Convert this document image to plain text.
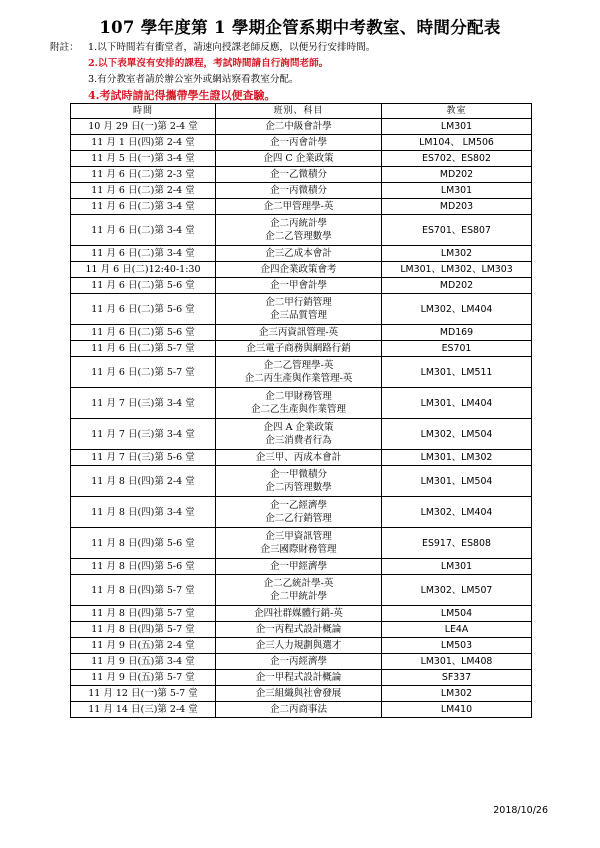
107 學年度第 1 學期企管系期中考教室、時間分配表
附註： 1.以下時間若有衝堂者，請速向授課老師反應，以便另行安排時間。
2.以下表單沒有安排的課程，考試時間請自行詢問老師。
3.有分教室者請於辦公室外或網站察看教室分配。
4.考試時請記得攜帶學生證以便查驗。
時間	班別、科目	教室
10 月 29 日(一)第 2-4 堂	企二中級會計學	LM301
11 月 1 日(四)第 2-4 堂	企一丙會計學	LM104、 LM506
11 月 5 日(一)第 3-4 堂	企四 C 企業政策	ES702、ES802
11 月 6 日(二)第 2-3 堂	企一乙微積分	MD202
11 月 6 日(二)第 2-4 堂	企一丙微積分	LM301
11 月 6 日(二)第 3-4 堂	企二甲管理學-英	MD203
11 月 6 日(二)第 3-4 堂	企二丙統計學
企二乙管理數學	ES701、ES807
11 月 6 日(二)第 3-4 堂	企三乙成本會計	LM302
11 月 6 日(二)12:40-1:30	企四企業政策會考	LM301、LM302、LM303
11 月 6 日(二)第 5-6 堂	企一甲會計學	MD202
11 月 6 日(二)第 5-6 堂	企二甲行銷管理
企三品質管理	LM302、LM404
11 月 6 日(二)第 5-6 堂	企三丙資訊管理-英	MD169
11 月 6 日(二)第 5-7 堂	企三電子商務與網路行銷	ES701
11 月 6 日(二)第 5-7 堂	企二乙管理學-英
企二丙生產與作業管理-英	LM301、LM511
11 月 7 日(三)第 3-4 堂	企二甲財務管理
企二乙生產與作業管理	LM301、LM404
11 月 7 日(三)第 3-4 堂	企四 A 企業政策
企三消費者行為	LM302、LM504
11 月 7 日(三)第 5-6 堂	企三甲、丙成本會計	LM301、LM302
11 月 8 日(四)第 2-4 堂	企一甲微積分
企二丙管理數學	LM301、LM504
11 月 8 日(四)第 3-4 堂	企一乙經濟學
企二乙行銷管理	LM302、LM404
11 月 8 日(四)第 5-6 堂	企三甲資訊管理
企三國際財務管理	ES917、ES808
11 月 8 日(四)第 5-6 堂	企一甲經濟學	LM301
11 月 8 日(四)第 5-7 堂	企二乙統計學-英
企二甲統計學	LM302、LM507
11 月 8 日(四)第 5-7 堂	企四社群媒體行銷-英	LM504
11 月 8 日(四)第 5-7 堂	企一丙程式設計概論	LE4A
11 月 9 日(五)第 2-4 堂	企三人力規劃與選才	LM503
11 月 9 日(五)第 3-4 堂	企一丙經濟學	LM301、LM408
11 月 9 日(五)第 5-7 堂	企一甲程式設計概論	SF337
11 月 12 日(一)第 5-7 堂	企三組織與社會發展	LM302
11 月 14 日(三)第 2-4 堂	企二丙商事法	LM410
2018/10/26
